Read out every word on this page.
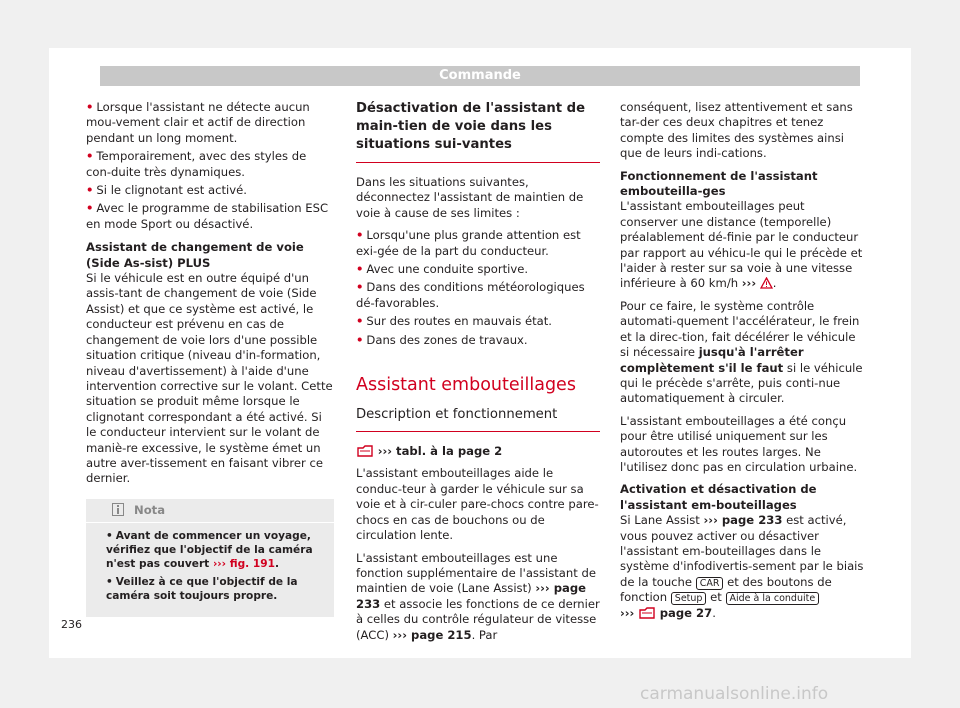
Commande
• Lorsque l'assistant ne détecte aucun mou-vement clair et actif de direction pendant un long moment.
• Temporairement, avec des styles de con-duite très dynamiques.
• Si le clignotant est activé.
• Avec le programme de stabilisation ESC en mode Sport ou désactivé.
Assistant de changement de voie (Side As-sist) PLUS

Si le véhicule est en outre équipé d'un assis-tant de changement de voie (Side Assist) et que ce système est activé, le conducteur est prévenu en cas de changement de voie lors d'une possible situation critique (niveau d'in-formation, niveau d'avertissement) à l'aide d'une intervention corrective sur le volant. Cette situation se produit même lorsque le clignotant correspondant a été activé. Si le conducteur intervient sur le volant de maniè-re excessive, le système émet un autre aver-tissement en faisant vibrer ce dernier.

Nota
• Avant de commencer un voyage, vérifiez que l'objectif de la caméra n'est pas couvert ››› fig. 191.
• Veillez à ce que l'objectif de la caméra soit toujours propre.
Désactivation de l'assistant de main-tien de voie dans les situations sui-vantes

Dans les situations suivantes, déconnectez l'assistant de maintien de voie à cause de ses limites :

• Lorsqu'une plus grande attention est exi-gée de la part du conducteur.
• Avec une conduite sportive.
• Dans des conditions météorologiques dé-favorables.
• Sur des routes en mauvais état.
• Dans des zones de travaux.
Assistant embouteillages
Description et fonctionnement

››› tabl. à la page 2

L'assistant embouteillages aide le conduc-teur à garder le véhicule sur sa voie et à cir-culer pare-chocs contre pare-chocs en cas de bouchons ou de circulation lente.

L'assistant embouteillages est une fonction supplémentaire de l'assistant de maintien de voie (Lane Assist) ››› page 233 et associe les fonctions de ce dernier à celles du contrôle régulateur de vitesse (ACC) ››› page 215. Par

conséquent, lisez attentivement et sans tar-der ces deux chapitres et tenez compte des limites des systèmes ainsi que de leurs indi-cations.

Fonctionnement de l'assistant embouteilla-ges

L'assistant embouteillages peut conserver une distance (temporelle) préalablement dé-finie par le conducteur par rapport au véhicu-le qui le précède et l'aider à rester sur sa voie à une vitesse inférieure à 60 km/h ››› .

Pour ce faire, le système contrôle automati-quement l'accélérateur, le frein et la direc-tion, fait décélérer le véhicule si nécessaire jusqu'à l'arrêter complètement s'il le faut si le véhicule qui le précède s'arrête, puis conti-nue automatiquement à circuler.

L'assistant embouteillages a été conçu pour être utilisé uniquement sur les autoroutes et les routes larges. Ne l'utilisez donc pas en circulation urbaine.

Activation et désactivation de l'assistant em-bouteillages

Si Lane Assist ››› page 233 est activé, vous pouvez activer ou désactiver l'assistant em-bouteillages dans le système d'infodivertis-sement par le biais de la touche CAR et des boutons de fonction Setup et Aide à la conduite
››› page 27.

236
carmanualsonline.info
